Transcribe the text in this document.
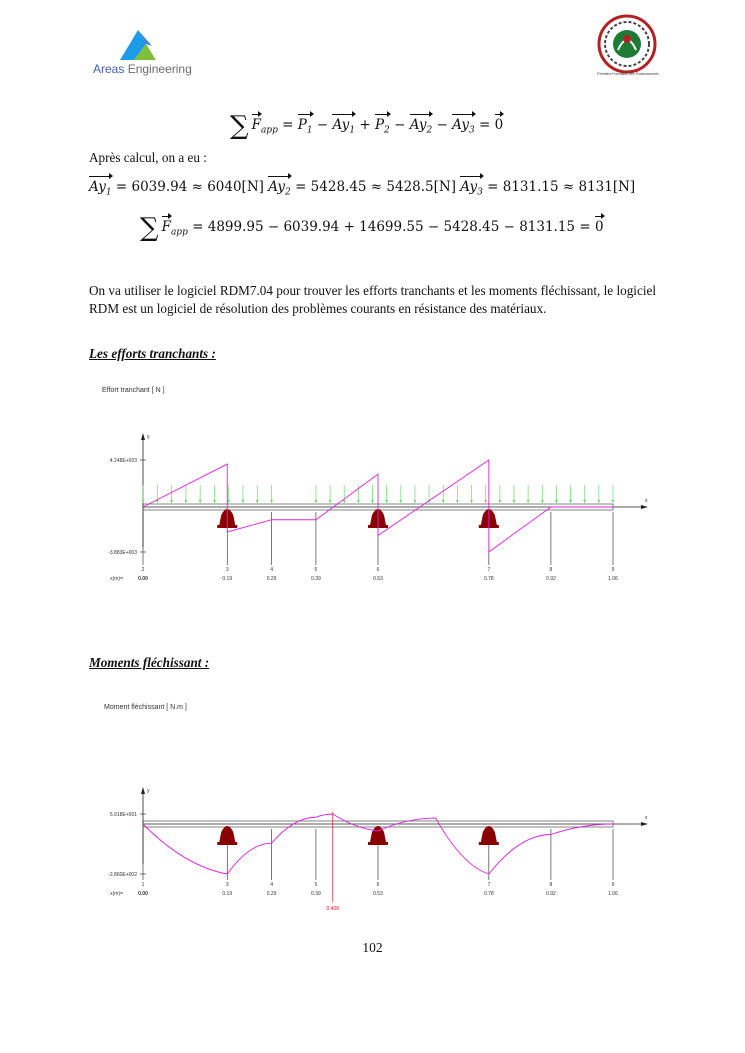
Areas Engineering	Première Formation des Professionnels
∑ $F_{app} = P_1 - Ay_1 + P_2 - Ay_2 - Ay_3 = 0$
Après calcul, on a eu :
$Ay_1 = 6039.94 \approx 6040[N] Ay_2 = 5428.45 \approx 5428.5[N] Ay_3 = 8131.15 \approx 8131[N]$
∑ $F_{app} = 4899.95 - 6039.94 + 14699.55 - 5428.45 - 8131.15 = 0$
On va utiliser le logiciel RDM7.04 pour trouver les efforts tranchants et les moments fléchissant, le logiciel RDM est un logiciel de résolution des problèmes courants en résistance des matériaux.
Les efforts tranchants :
Effort tranchant [ N ]
y
x
4.248E+003
-3.883E+003
2
0.00
3
0.19
4
0.29
5
0.39
6
0.53
7
0.78
8
0.92
9
1.06
x(m)=
Moments fléchissant :
Moment fléchissant [ N.m ]
y
x
5.918E+001
-2.860E+002
1
0.00
3
0.19
4
0.29
5
0.39
6
0.53
7
0.78
8
0.92
9
1.06
x(m)=
0.428
102
